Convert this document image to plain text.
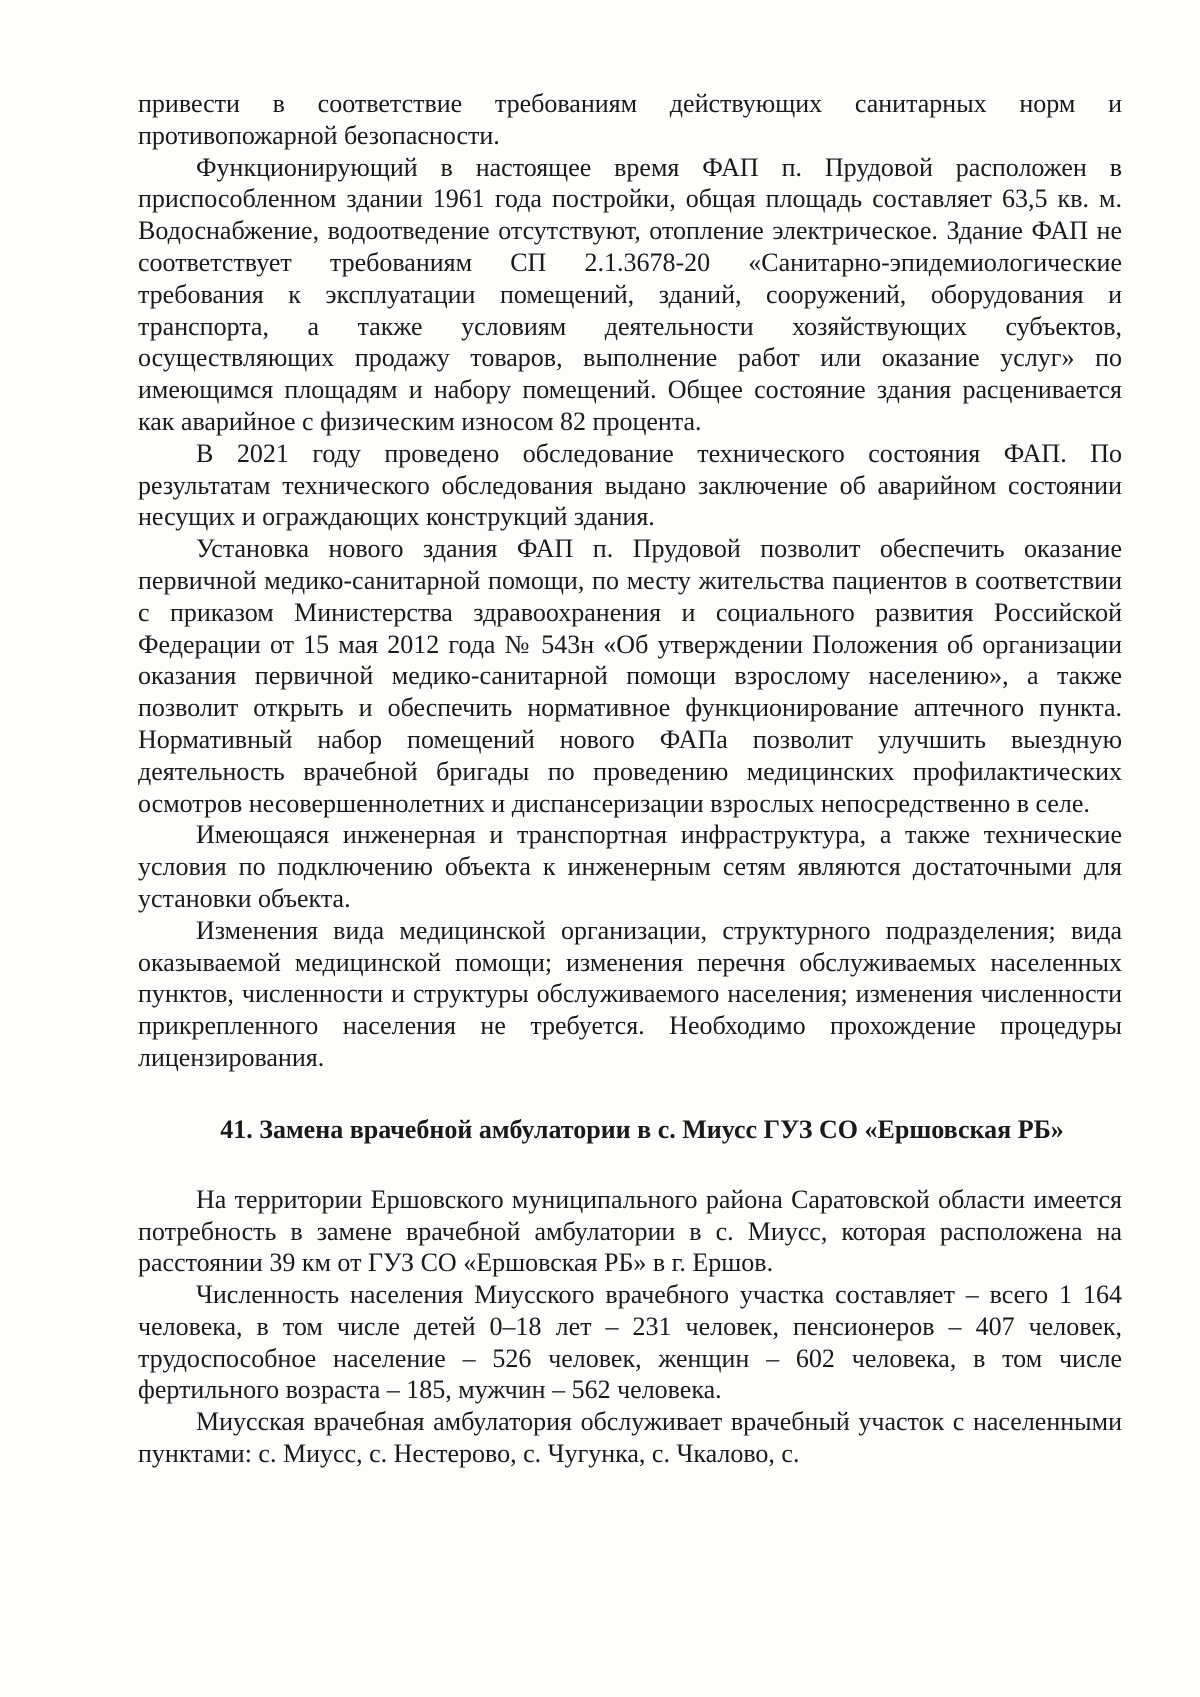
привести в соответствие требованиям действующих санитарных норм и противопожарной безопасности.

Функционирующий в настоящее время ФАП п. Прудовой расположен в приспособленном здании 1961 года постройки, общая площадь составляет 63,5 кв. м. Водоснабжение, водоотведение отсутствуют, отопление электрическое. Здание ФАП не соответствует требованиям СП 2.1.3678-20 «Санитарно-эпидемиологические требования к эксплуатации помещений, зданий, сооружений, оборудования и транспорта, а также условиям деятельности хозяйствующих субъектов, осуществляющих продажу товаров, выполнение работ или оказание услуг» по имеющимся площадям и набору помещений. Общее состояние здания расценивается как аварийное с физическим износом 82 процента.

В 2021 году проведено обследование технического состояния ФАП. По результатам технического обследования выдано заключение об аварийном состоянии несущих и ограждающих конструкций здания.

Установка нового здания ФАП п. Прудовой позволит обеспечить оказание первичной медико-санитарной помощи, по месту жительства пациентов в соответствии с приказом Министерства здравоохранения и социального развития Российской Федерации от 15 мая 2012 года № 543н «Об утверждении Положения об организации оказания первичной медико-санитарной помощи взрослому населению», а также позволит открыть и обеспечить нормативное функционирование аптечного пункта. Нормативный набор помещений нового ФАПа позволит улучшить выездную деятельность врачебной бригады по проведению медицинских профилактических осмотров несовершеннолетних и диспансеризации взрослых непосредственно в селе.

Имеющаяся инженерная и транспортная инфраструктура, а также технические условия по подключению объекта к инженерным сетям являются достаточными для установки объекта.

Изменения вида медицинской организации, структурного подразделения; вида оказываемой медицинской помощи; изменения перечня обслуживаемых населенных пунктов, численности и структуры обслуживаемого населения; изменения численности прикрепленного населения не требуется. Необходимо прохождение процедуры лицензирования.

41. Замена врачебной амбулатории в с. Миусс ГУЗ СО «Ершовская РБ»

На территории Ершовского муниципального района Саратовской области имеется потребность в замене врачебной амбулатории в с. Миусс, которая расположена на расстоянии 39 км от ГУЗ СО «Ершовская РБ» в г. Ершов.

Численность населения Миусского врачебного участка составляет – всего 1 164 человека, в том числе детей 0–18 лет – 231 человек, пенсионеров – 407 человек, трудоспособное население – 526 человек, женщин – 602 человека, в том числе фертильного возраста – 185, мужчин – 562 человека.

Миусская врачебная амбулатория обслуживает врачебный участок с населенными пунктами: с. Миусс, с. Нестерово, с. Чугунка, с. Чкалово, с.
